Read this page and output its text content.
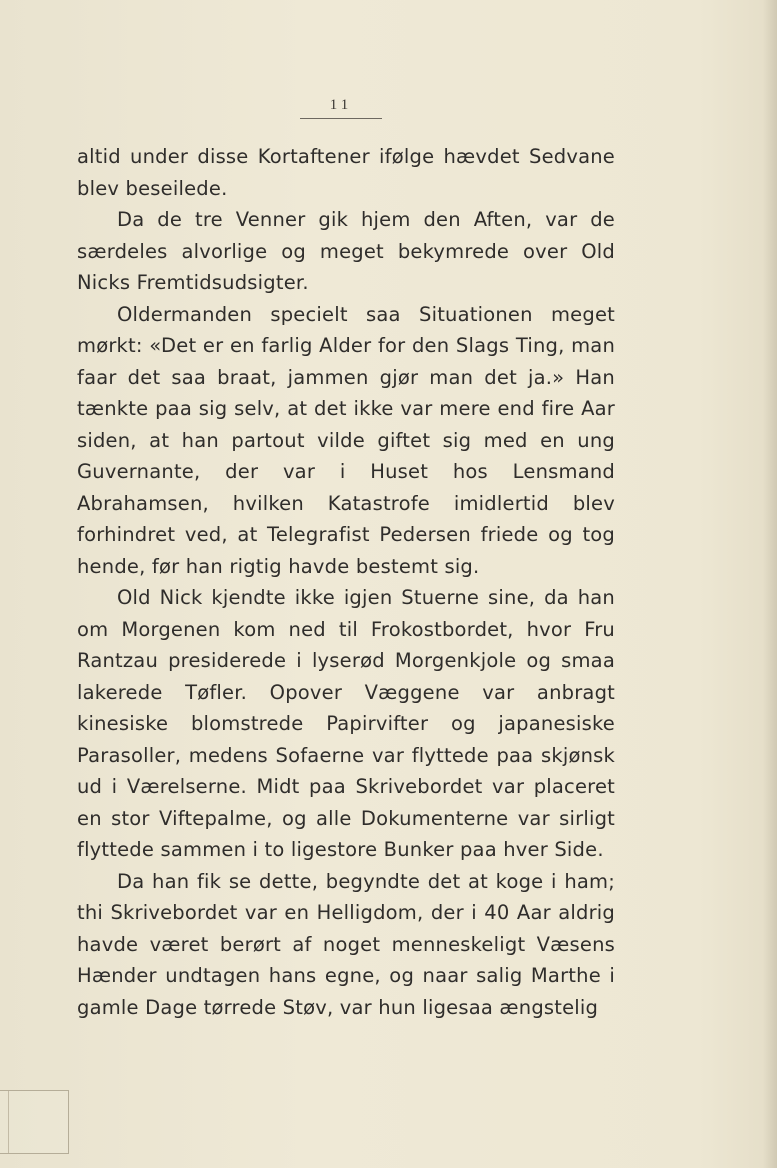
11

altid under disse Kortaftener ifølge hævdet Sedvane blev beseilede.

Da de tre Venner gik hjem den Aften, var de særdeles alvorlige og meget bekymrede over Old Nicks Fremtidsudsigter.

Oldermanden specielt saa Situationen meget mørkt: «Det er en farlig Alder for den Slags Ting, man faar det saa braat, jammen gjør man det ja.» Han tænkte paa sig selv, at det ikke var mere end fire Aar siden, at han partout vilde giftet sig med en ung Guvernante, der var i Huset hos Lensmand Abrahamsen, hvilken Katastrofe imidlertid blev forhindret ved, at Telegrafist Pedersen friede og tog hende, før han rigtig havde bestemt sig.

Old Nick kjendte ikke igjen Stuerne sine, da han om Morgenen kom ned til Frokostbordet, hvor Fru Rantzau presiderede i lyserød Morgenkjole og smaa lakerede Tøfler. Opover Væggene var anbragt kinesiske blomstrede Papirvifter og japanesiske Parasoller, medens Sofaerne var flyttede paa skjønsk ud i Værelserne. Midt paa Skrivebordet var placeret en stor Viftepalme, og alle Dokumenterne var sirligt flyttede sammen i to ligestore Bunker paa hver Side.

Da han fik se dette, begyndte det at koge i ham; thi Skrivebordet var en Helligdom, der i 40 Aar aldrig havde været berørt af noget menneskeligt Væsens Hænder undtagen hans egne, og naar salig Marthe i gamle Dage tørrede Støv, var hun ligesaa ængstelig
